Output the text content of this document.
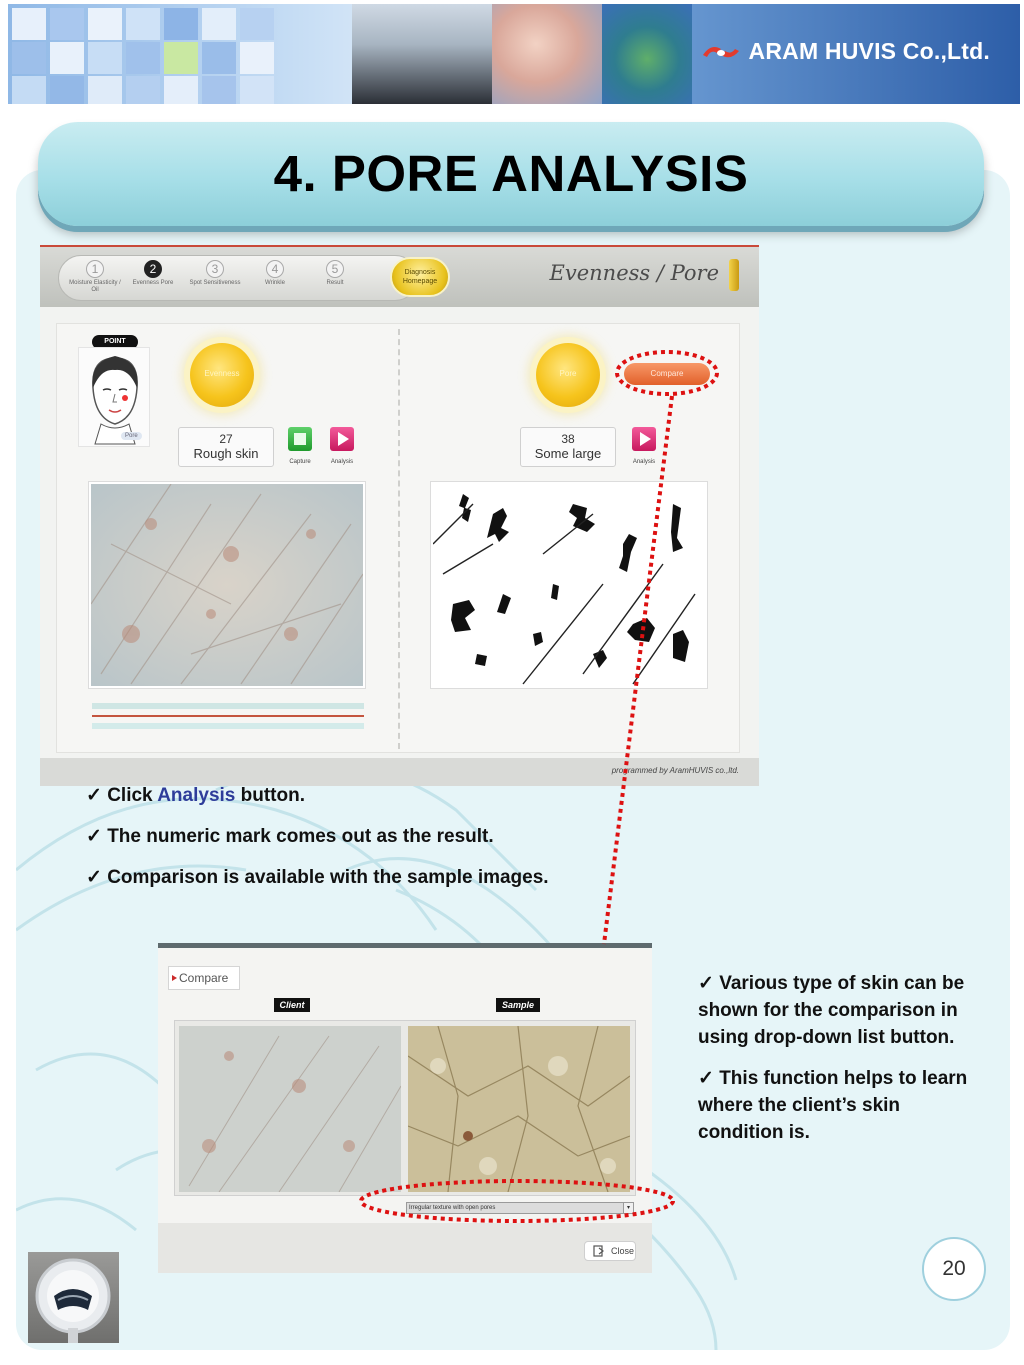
ARAM HUVIS Co.,Ltd.
4. PORE ANALYSIS
1
Moisture Elasticity / Oil
2
Evenness Pore
3
Spot Sensitiveness
4
Wrinkle
5
Result
Diagnosis
Homepage	Evenness / Pore
POINT
Pore
Evenness
27
Rough skin
Capture	Analysis
Pore	Compare
38
Some large
Analysis
programmed by AramHUVIS co.,ltd.
✓ Click Analysis button.
✓ The numeric mark comes out as the result.
✓ Comparison is available with the sample images.
Compare
Client	Sample
Irregular texture with open pores	▾
Close
✓ Various type of skin can be shown for the comparison in using drop-down list button.
✓ This function helps to learn where the client’s skin condition is.
20
